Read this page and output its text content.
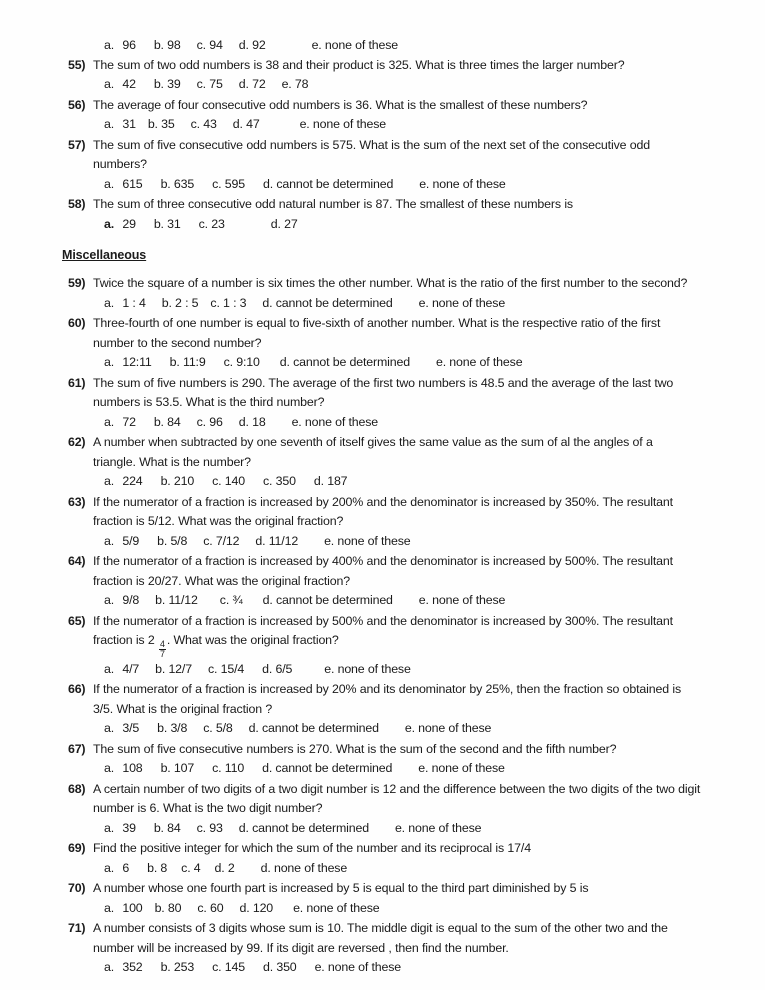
a. 96 b. 98 c. 94 d. 92	e. none of these
55) The sum of two odd numbers is 38 and their product is 325. What is three times the larger number?
a. 42 b. 39 c. 75 d. 72 e. 78
56) The average of four consecutive odd numbers is 36. What is the smallest of these numbers?
a. 31 b. 35 c. 43 d. 47	e. none of these
57) The sum of five consecutive odd numbers is 575. What is the sum of the next set of the consecutive odd
numbers?
a. 615 b. 635 c. 595 d. cannot be determined e. none of these
58) The sum of three consecutive odd natural number is 87. The smallest of these numbers is
a. 29 b. 31 c. 23	d. 27
Miscellaneous
59) Twice the square of a number is six times the other number. What is the ratio of the first number to the second?
a. 1 : 4 b. 2 : 5 c. 1 : 3 d. cannot be determined e. none of these
60) Three-fourth of one number is equal to five-sixth of another number. What is the respective ratio of the first
number to the second number?
a. 12:11 b. 11:9 c. 9:10 d. cannot be determined e. none of these
61) The sum of five numbers is 290. The average of the first two numbers is 48.5 and the average of the last two
numbers is 53.5. What is the third number?
a. 72 b. 84 c. 96 d. 18 e. none of these
62) A number when subtracted by one seventh of itself gives the same value as the sum of al the angles of a
triangle. What is the number?
a. 224 b. 210 c. 140 c. 350 d. 187
63) If the numerator of a fraction is increased by 200% and the denominator is increased by 350%. The resultant
fraction is 5/12. What was the original fraction?
a. 5/9 b. 5/8 c. 7/12 d. 11/12 e. none of these
64) If the numerator of a fraction is increased by 400% and the denominator is increased by 500%. The resultant
fraction is 20/27. What was the original fraction?
a. 9/8 b. 11/12 c. ¾ d. cannot be determined e. none of these
65) If the numerator of a fraction is increased by 500% and the denominator is increased by 300%. The resultant
fraction is 2
$\frac{4}{7}$
. What was the original fraction?
a. 4/7 b. 12/7 c. 15/4 d. 6/5	e. none of these
66) If the numerator of a fraction is increased by 20% and its denominator by 25%, then the fraction so obtained is
3/5. What is the original fraction ?
a. 3/5 b. 3/8 c. 5/8 d. cannot be determined e. none of these
67) The sum of five consecutive numbers is 270. What is the sum of the second and the fifth number?
a. 108 b. 107 c. 110 d. cannot be determined e. none of these
68) A certain number of two digits of a two digit number is 12 and the difference between the two digits of the two digit
number is 6. What is the two digit number?
a. 39 b. 84 c. 93 d. cannot be determined e. none of these
69) Find the positive integer for which the sum of the number and its reciprocal is 17/4
a. 6 b. 8 c. 4 d. 2 d. none of these
70) A number whose one fourth part is increased by 5 is equal to the third part diminished by 5 is
a. 100 b. 80 c. 60 d. 120 e. none of these
71) A number consists of 3 digits whose sum is 10. The middle digit is equal to the sum of the other two and the
number will be increased by 99. If its digit are reversed , then find the number.
a. 352 b. 253 c. 145 d. 350 e. none of these
